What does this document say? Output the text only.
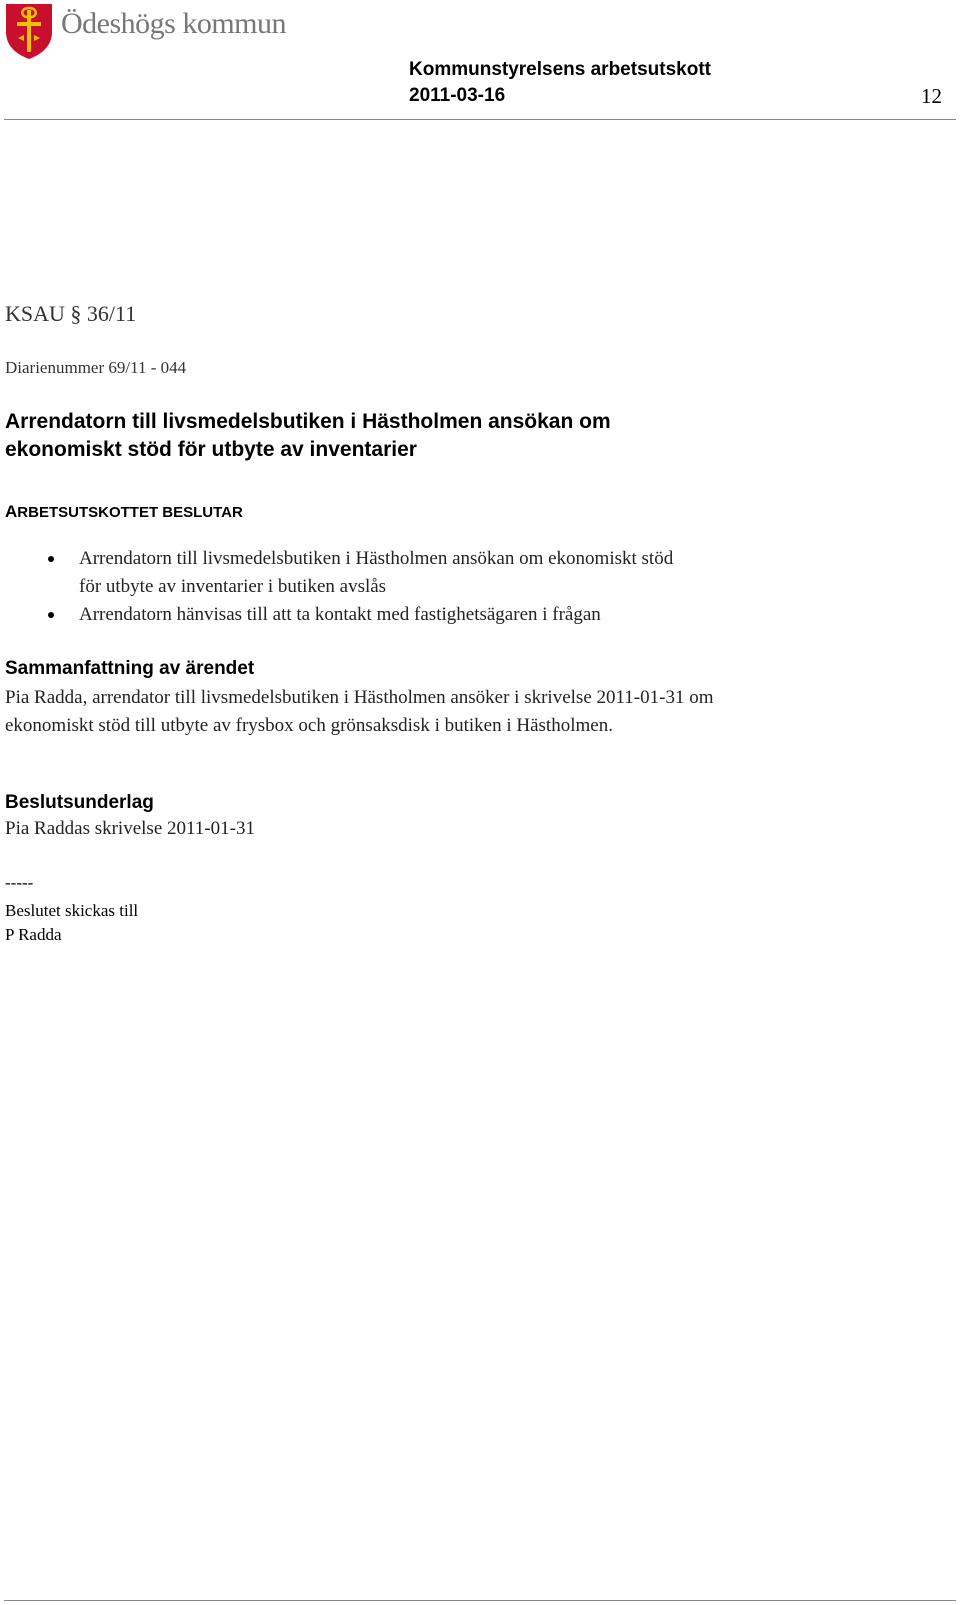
Ödeshögs kommun
Kommunstyrelsens arbetsutskott
2011-03-16	12
KSAU § 36/11
Diarienummer 69/11 - 044
Arrendatorn till livsmedelsbutiken i Hästholmen ansökan om ekonomiskt stöd för utbyte av inventarier
ARBETSUTSKOTTET BESLUTAR
Arrendatorn till livsmedelsbutiken i Hästholmen ansökan om ekonomiskt stöd för utbyte av inventarier i butiken avslås
Arrendatorn hänvisas till att ta kontakt med fastighetsägaren i frågan
Sammanfattning av ärendet

Pia Radda, arrendator till livsmedelsbutiken i Hästholmen ansöker i skrivelse 2011-01-31 om ekonomiskt stöd till utbyte av frysbox och grönsaksdisk i butiken i Hästholmen.

Beslutsunderlag
Pia Raddas skrivelse 2011-01-31
-----
Beslutet skickas till
P Radda
